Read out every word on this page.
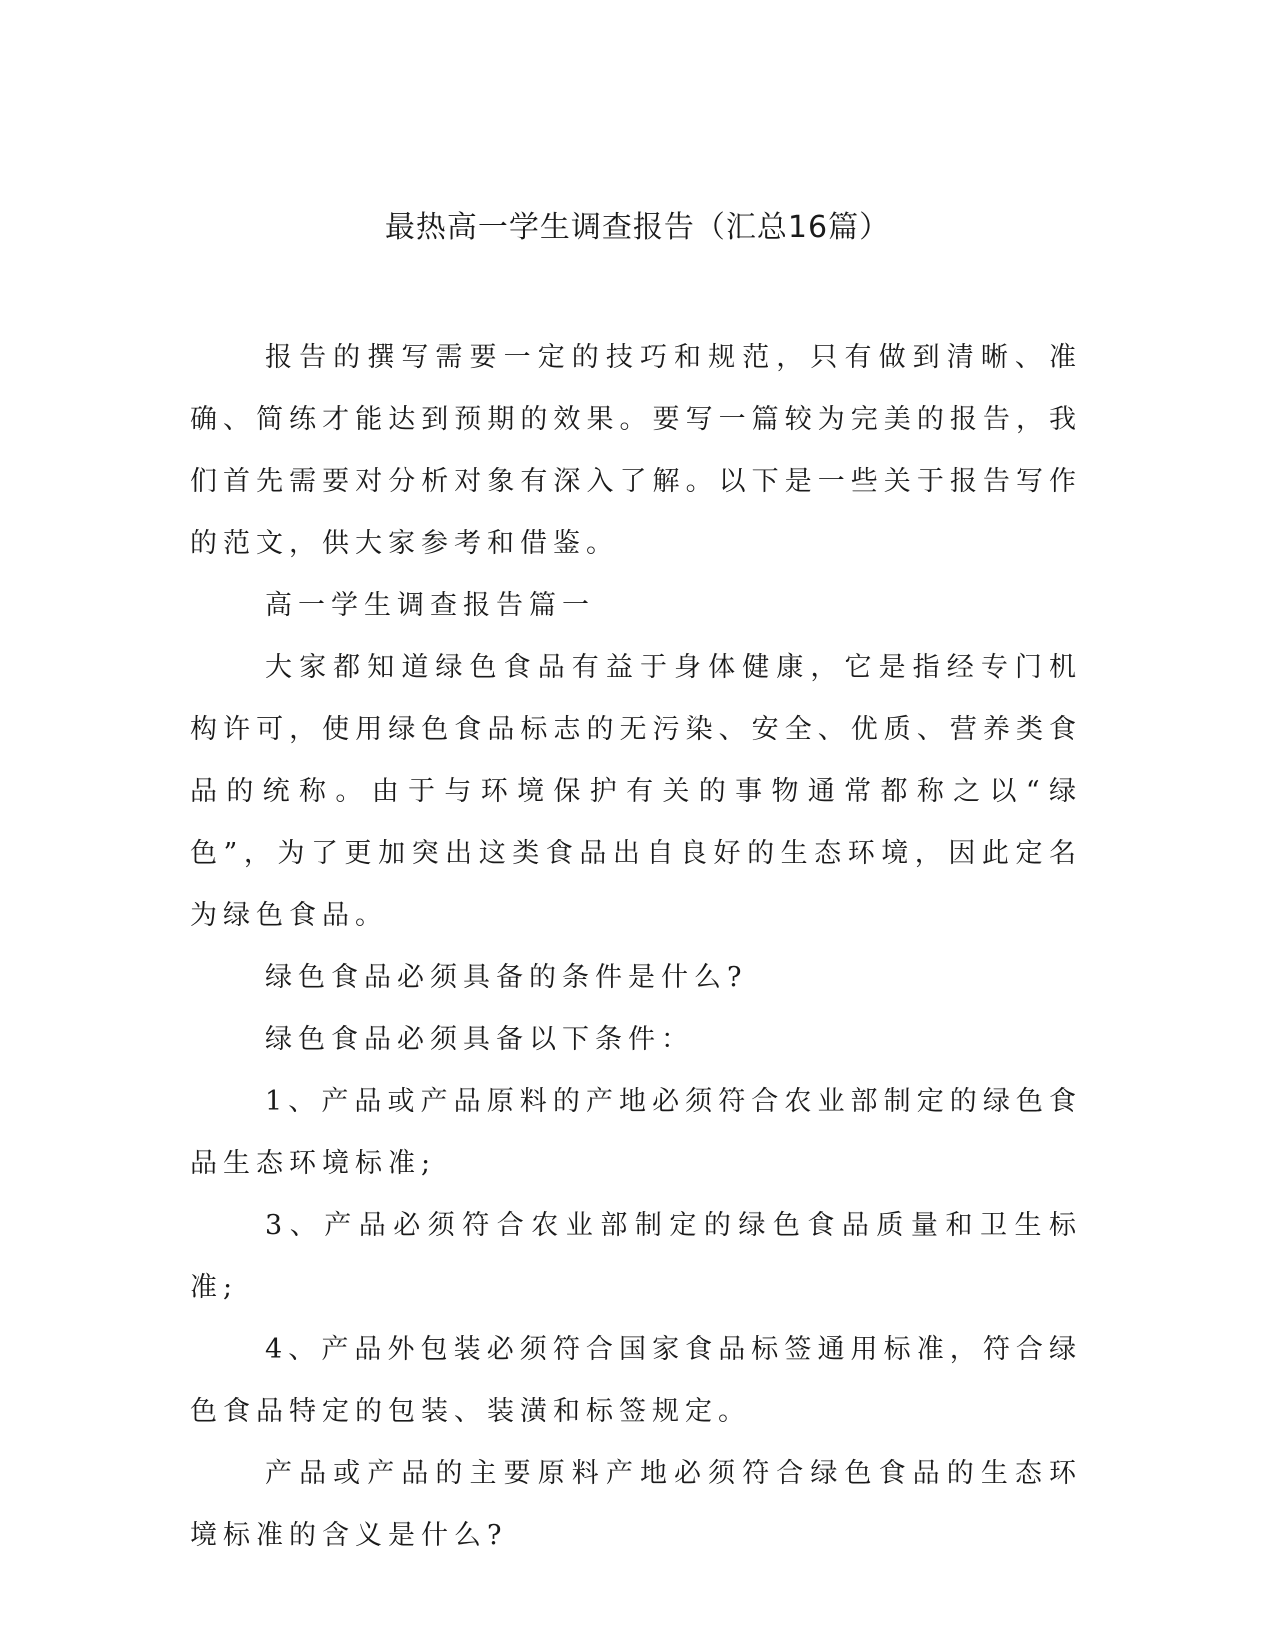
最热高一学生调查报告（汇总16篇）

报告的撰写需要一定的技巧和规范，只有做到清晰、准确、简练才能达到预期的效果。要写一篇较为完美的报告，我们首先需要对分析对象有深入了解。以下是一些关于报告写作的范文，供大家参考和借鉴。

高一学生调查报告篇一

大家都知道绿色食品有益于身体健康，它是指经专门机构许可，使用绿色食品标志的无污染、安全、优质、营养类食品的统称。由于与环境保护有关的事物通常都称之以“绿色”，为了更加突出这类食品出自良好的生态环境，因此定名为绿色食品。

绿色食品必须具备的条件是什么?

绿色食品必须具备以下条件：

1、产品或产品原料的产地必须符合农业部制定的绿色食品生态环境标准;

3、产品必须符合农业部制定的绿色食品质量和卫生标准;

4、产品外包装必须符合国家食品标签通用标准，符合绿色食品特定的包装、装潢和标签规定。

产品或产品的主要原料产地必须符合绿色食品的生态环境标准的含义是什么?
